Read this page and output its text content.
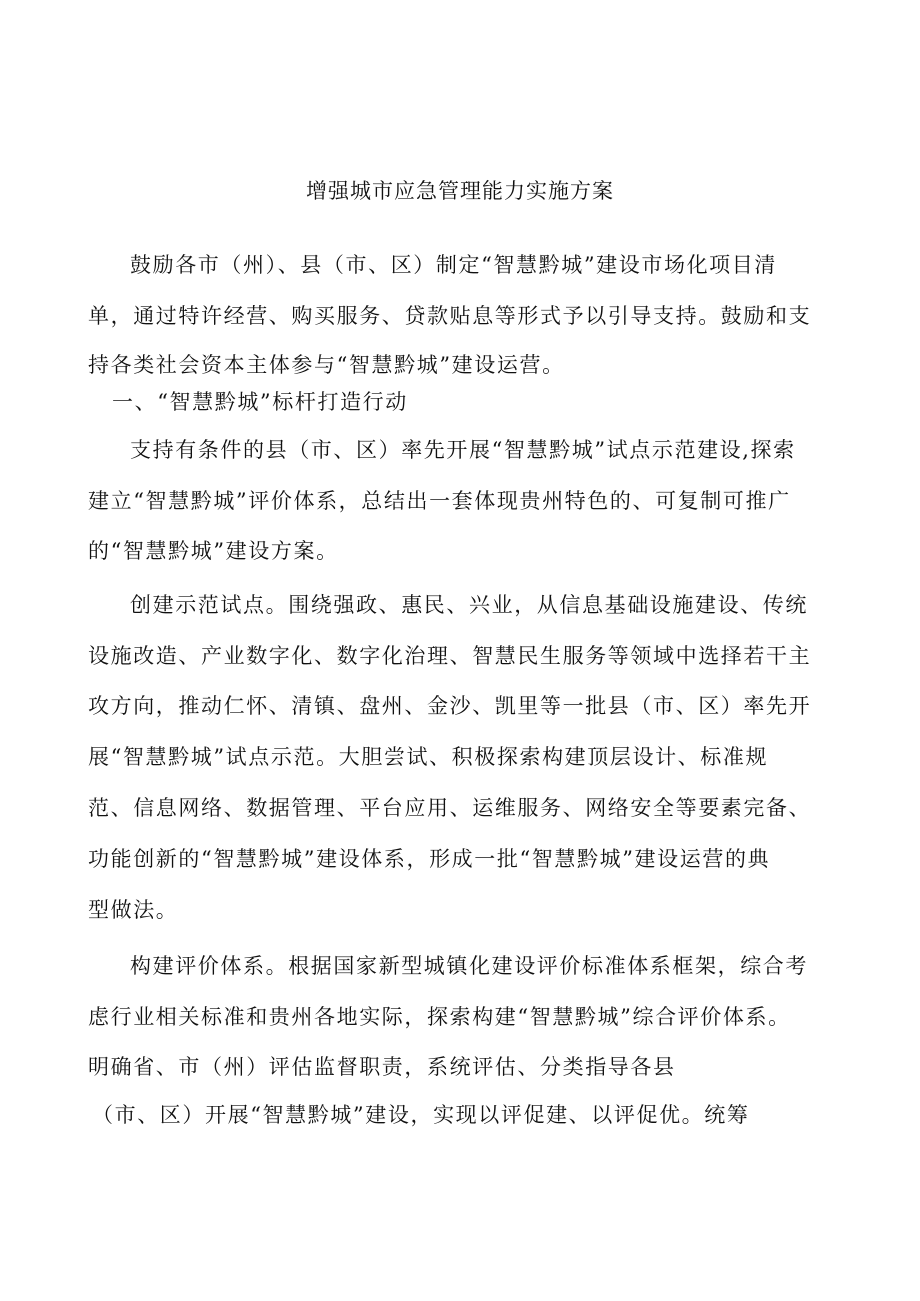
增强城市应急管理能力实施方案
鼓励各市（州）、县（市、区）制定“智慧黔城”建设市场化项目清
单，通过特许经营、购买服务、贷款贴息等形式予以引导支持。鼓励和支
持各类社会资本主体参与“智慧黔城”建设运营。
一、“智慧黔城”标杆打造行动
支持有条件的县（市、区）率先开展“智慧黔城”试点示范建设,探索
建立“智慧黔城”评价体系，总结出一套体现贵州特色的、可复制可推广
的“智慧黔城”建设方案。
创建示范试点。围绕强政、惠民、兴业，从信息基础设施建设、传统
设施改造、产业数字化、数字化治理、智慧民生服务等领域中选择若干主
攻方向，推动仁怀、清镇、盘州、金沙、凯里等一批县（市、区）率先开
展“智慧黔城”试点示范。大胆尝试、积极探索构建顶层设计、标准规
范、信息网络、数据管理、平台应用、运维服务、网络安全等要素完备、
功能创新的“智慧黔城”建设体系，形成一批“智慧黔城”建设运营的典
型做法。
构建评价体系。根据国家新型城镇化建设评价标准体系框架，综合考
虑行业相关标准和贵州各地实际，探索构建“智慧黔城”综合评价体系。
明确省、市（州）评估监督职责，系统评估、分类指导各县
（市、区）开展“智慧黔城”建设，实现以评促建、以评促优。统筹
